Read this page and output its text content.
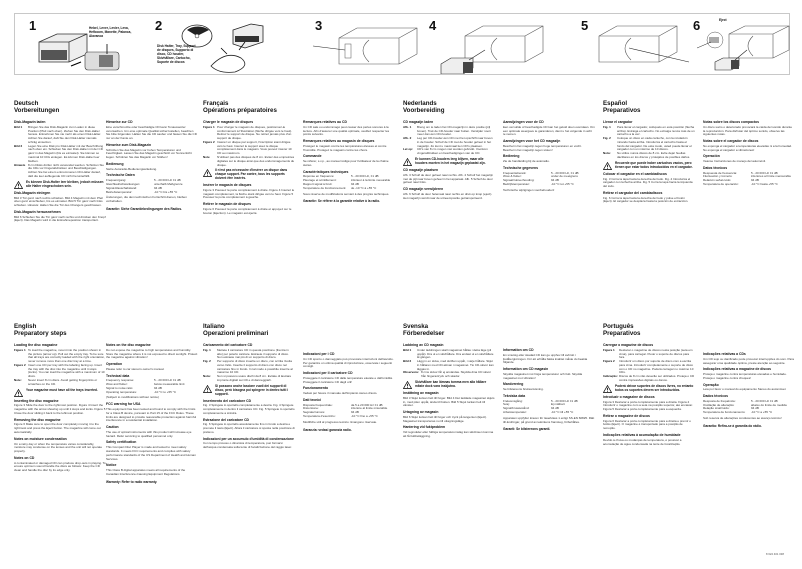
1	Hebel, Lever, Levier, Leva, Hefboom, Manette, Palanca, Alavanca
2
Disk Halter, Tray, Support de disques, Supporto di disco, CD houder, Skivhållare, Cartucho, Suporte de discos
3	4	5	6	Eject
Deutsch
Vorbereitungen
Disk-Magazin laden
Bild 1	Bringen Sie das Disk-Magazin zum Laden in diese Position (Pfeil nach oben). Ziehen Sie den Disk-Halter heraus. Entnehmen Sie nie mehr als einen Disk-Halter. Achten Sie darauf, daß Sie den Disk-Halter niemals schräg einsetzen.
Bild 2	Legen Sie eine Disk pro Disk-Halter mit der Beschriftung nach oben ein. Schieben Sie den Disk-Halter mit der CD ganz in das Magazin (bis es einrastet). Sie können so maximal 10 CDs einlegen. Es können Disk-Halter leer bleiben.
Hinweis 8 cm Disks dürfen nicht verwendet werden. Schützen Sie die CDs vor Fingerabdrücken und Beschädigungen. Achten Sie bei einem entnommenen CD-Halter darauf, daß die leer aufliegende CD nicht herunterfällt.
Es können Disk-Halter leer bleiben, jedoch müssen alle Halter eingeschoben sein.
Disk-Magazin einlegen
Bild 3 Tür ganz nach rechts schieben. Bild 4 Magazin mit dem Pfeil oben ganz einschieben, bis es einrastet. Bild 5 Tür ganz nach links schieben. Hinweis: Halten Sie die Tür des Changers geschlossen.
Disk-Magazin herausnehmen
Bild 6 Schieben Sie die Tür ganz nach rechts und drücken den Knopf (Eject). Das Magazin wird in die Entnahmeposition transportiert.
Hinweise zur CD
Eine verschmutzte oder beschädigte CD kann Tonaussetzer verursachen. Um eine optimale Qualität sicherzustellen, beachten Sie bitte folgendes: Halten Sie die CD sauber und fassen Sie die CD nur an der Kante an.
Hinweise zum Disk-Magazin
Schützen Sie das Magazin vor hohen Temperaturen und Feuchtigkeit. Lassen Sie das Magazin geschützt vor Sonnenlicht liegen. Schützen Sie das Magazin vor Stößen!
Bedienung
Siehe Autoradio-Bedienungsanleitung.
Technische Daten
Frequenzgang:	5 - 20 000 Hz ±1 dB
Gleichlaufschwankungen:	unterhalb Meßgrenze
Signal-Rauschabstand:	94 dB
Betriebstemperatur:	-10 °C bis +55 °C
Änderungen, die dem technischen Fortschritt dienen, bleiben vorbehalten.
Garantie: Siehe Garantiebedingungen des Radios.
Français
Opérations préparatoires
Charger le magasin de disques
Figure 1 Pour charger le magasin de disques, positionnez-le conformément à l'illustration (flèche dirigée vers le haut). Retirez le support de disque. Ne retirez jamais plus d'un support de disque.
Figure 2 Insérez un disque par support, l'inscription étant dirigée vers le haut. Insérez le support avec le disque complètement dans le magasin. Vous pouvez insérer 10 CD au maximum.
Note	N'utilisez pas des disques de 8 cm. Evitez des empreintes digitales sur le disque ainsi que des endommagements du disque.
Il n'est pas nécessaire d'insérer un disque dans chaque support. Par contre, tous les supports doivent être insérés.
Insérer le magasin de disques
Figure 3 Poussez la porte complètement à droite. Figure 4 Insérez le magasin complètement, la flèche étant dirigée vers le haut. Figure 5 Poussez la porte complètement à gauche.
Retirer le magasin de disques
Figure 6 Poussez la porte complètement à droite et appuyez sur le bouton (Ejection). Le magasin est éjecté.
Remarques relatives au CD
Un CD sale ou endommagé peut causer des pertes sonores à la lecture. Afin d'assurer une qualité optimale, veuillez respecter les points suivants.
Remarques relatives au magasin de disques
Protégez le magasin contre les températures élevées et contre l'humidité. Protégez le magasin contre les chocs.
Commande
Se référer, s.v.p., au manuel rédigé pour l'utilisateur de la chaîne stéréo.
Caractéristiques techniques
Réponse en fréquence:	5 - 20 000 Hz, ±1 dB
Pleurage et scintillement:	inférieur à la limite mesurable
Rapport signal à bruit:	94 dB
Température de fonctionnement:	de -10 °C à +55 °C
Sous réserve de modifications servant à des progrès techniques.
Garantie: Se référer à la garantie relative à la radio.
Nederlands
Voorbereiding
CD magazijn laden
Afb. 1	Breng om te laden het CD-magazijn in deze positie (pijl boven). Trek de CD-houder naar buiten. Verwijder nooit meer dan één CD-houder.
Afb. 2	Leg per CD-houder één CD met het opschrift naar boven in de houder. Schuif de CD met de houder geheel in het magazijn. Zo kunt u maximaal tien CD's plaatsen.
Let op:	CD's van 8 cm mogen niet worden gebruikt. Voorkom vingerafdrukken en beschadigingen van de CD.
Er kunnen CD-houders leeg blijven, maar alle houders moeten in het magazijn geplaatst zijn.
CD magazijn plaatsen
Afb. 3 Schuif de deur geheel naar rechts. Afb. 4 Schuif het magazijn met de pijl naar boven geheel in het apparaat. Afb. 5 Schuif de deur geheel naar links.
CD magazijn verwijderen
Afb. 6 Schuif de deur helemaal naar rechts en druk op knop (eject). Het magazijn wordt naar de uitneempositie getransporteerd.
Aanwijzingen voor de CD
Een vervuilde of beschadigde CD kan het geluid doen overslaan. Om een optimale weergave te garanderen, dient u het volgende in acht te nemen.
Aanwijzingen voor het CD magazijn
Bescherm het magazijn tegen hoge temperaturen en vocht. Bescherm het magazijn tegen stoten!
Bediening
Zie de handleiding bij de autoradio.
Technische gegevens
Frequentiebereik:	5 - 20 000 Hz, ±1 dB
Wow & flutter:	onder de meetgrens
Signaal/ruisverhouding:	94 dB
Bedrijfstemperatuur:	-10 °C tot +55 °C
Technische wijzigingen voorbehouden!
Español
Preparativos
Llenar el cargador
Fig. 1	Para llenar el cargador, colóquelo en esta posición (flecha arriba). Extraiga el cartucho. No extraiga nunca más de un cartucho a la vez.
Fig. 2	Coloque un disco en cada cartucho, con la rotulación mirando hacia arriba. Introduzca el cartucho hasta el fondo del cargador. De esta modo, usted puede llenar el cargador con un máximo de 10 discos.
Nota:	No utilice nunca discos de 8 cm. Evite dejar huellas dactilares en los discos y protéjalos de posibles daños.
Recuerde que puede haber cartuchos vacíos, pero tienen que estar todos introducidos en el cargador.
Colocar el cargador en el cambiadiscos
Fig. 3 Corra la tapa hacia la derecha del todo. Fig. 4 Introduzca el cargador con la flecha arriba. Fig. 5 Corra la tapa hacia la izquierda del todo.
Retirar el cargador del cambiadiscos
Fig. 6 Corra la tapa hacia la derecha del todo y pulse el botón (Eject). El cargador se desplaza hasta la posición de extracción.
Notas sobre los discos compactos
Un disco sucio o deteriorado provocará la caída del sonido durante la reproducción. Para disfrutar del óptimo sonido, observe las siguientes notas.
Notas sobre el cargador de discos
No exponga el cargador a temperaturas elevadas ni a la humedad. No exponga el cargador a vibraciones!
Operación
Véanse Instrucciones de manejo del automóvil.
Datos técnicos
Respuesta de frecuencia:	5 - 20 000 Hz ±1 dB
Fluctuación y trémolo:	inferiores al límite mensurable
Relación señal-ruido:	94 dB
Temperatura de operación:	-10 °C hasta +55 °C
English
Preparatory steps
Loading the disc magazine
Figure 1 To load the magazine, mount into the position shown in the picture (arrow up). Pull out the empty tray. To be sure that all trays are correctly loaded with the right orientation, never remove more than one disc tray at a time.
Figure 2 Insert one CD per tray with the labeling facing up. Insert the tray with the disc into the magazine until it stops (locks). You can load the magazine with a maximum of 10 discs.
Note:	Never insert 8 cm discs. Avoid getting fingerprints or scratches on the CD.
Your magazine must have all the trays inserted.
Inserting the disc magazine
Figure 3 Slide the door to the rightmost position. Figure 4 Insert the magazine with the arrow showing up until it stops and locks. Figure 5 Close the door sliding it back to the leftmost position.
Removing the disc magazine
Figure 6 Make sure to open the door completely moving it to the rightmost and press the Eject button. The magazine will come out automatically.
Notes on moisture condensation
On a rainy day or when the temperature varies considerably, moisture may condense on the lenses and the unit will not operate properly.
Notes on CD
A contaminated or damaged CD can produce drop-outs in playing. To ensure optimum sound handle the discs as follows: Keep the CD clean and handle the disc by its edge only.
Notes on the disc magazine
Do not expose the magazine to high temperatures and humidity. Store the magazine where it is not exposed to direct sunlight. Protect the magazine against vibration!
Operation
Please refer to car stereo's owner's manual.
Technical data
Frequency response:	5 - 20 000 Hz ±1 dB
Wow and flutter:	below measurable limit
Signal to noise ratio:	94 dB
Operating temperature:	-10 °C to +55 °C
(Subject to modifications without notice)
FCC warning for USA
This equipment has been tested and found to comply with the limits for a Class B device, pursuant to Part 15 of the FCC Rules. These limits are designed to provide reasonable protection against harmful interference in a residential installation.
Caution
The use of optical instruments with this product will increase eye hazard. Refer servicing to qualified personnel only.
Safety certification
This Compact Disc Player is made and tested to meet safety standards. It meets FCC requirements and complies with safety performance standards of the US Department of Health and Human Services.
Notice
This Class B digital apparatus meets all requirements of the Canadian Interference-Causing Equipment Regulations.
Warranty: Refer to radio warranty.
Italiano
Operazioni preliminari
Caricamento del caricatore CD
Fig. 1	Mettete il caricatore CD in questa posizione (freccia in alto) per poterlo caricare. Estraete il supporto di disco. Non estraete mai più di un supporto di disco.
Fig. 2	Per supporto di disco inserite un disco, con scritta rivolta verso l'alto. Inserite il supporto di disco con disco nel caricatore fino in fondo. In tal modo è possibile inserire al massimo 10 CD.
Nota:	Non si possono usare dischi da 8 cm. Evitate di lasciare impronte digitali sui CD e di danneggiarli.
Si possono anche lasciare vuoti dei supporti di disco, però bisogna poi spingere in dentro tutti i supporti.
Inserimento del caricatore CD
Fig. 3 Spingete lo sportello completamente a destra. Fig. 4 Spingete completamente in dentro il caricatore CD. Fig. 5 Spingete lo sportello completamente a sinistra.
Estrazione del caricatore CD
Fig. 6 Spingete lo sportello assolutamente fino in fondo a destra e premete il tasto (Eject). Allora il caricatore si sposta nella posizione di prelievo.
Indicazioni per un accumulo d'umidità di condensazione
Con tempo piovoso o dinamica di temperatura, può formarsi dell'acqua condensata sulla lente di focalizzazione del raggio laser.
Indicazioni per i CD
Un CD sporco o danneggiato può provocare interruzioni dell'ascolto. Per garantire un ottima qualità di riproduzione, osservate i seguenti consigli.
Indicazioni per il caricatore CD
Proteggete il caricatore CD dalle temperature elevate e dall'umidità. Proteggete il caricatore CD dagli urti!
Funzionamento
Vedasi per favore il manuale dell'impianto stereo d'auto.
Dati tecnici
Risposta frequenziale:	da 5 a 20 000 Hz ±1 dB
Distorsione:	inferiore al limite misurabile
Segnale/rumore:	94 dB
Temperatura d'esercizio:	-10 °C fino a +55 °C
Modifiche utili al progresso tecnico rimangono riservate.
Garanzia: vedasi garanzia radio.
Svenska
Förberedelser
Laddning av CD magasin
Bild 1	Under laddningen skall magasinet hållas i detta läge (pil uppåt). Dra ut en skivhållare. Dra endast ut en skivhållare åt gången.
Bild 2	Lägg in en skiva, med skriften uppåt, i varje hållare. Skjut in hållaren med CD-skivan i magasinet. Tio CD-skivor kan läggas in.
Observera: 8 cms skivor får ej användas. Skydda dina CD skivor från fingeravtryck och skador.
Skivhållare kan lämnas tomma men alla hållare måste dock vara inskjutna.
Insättning av magasin
Bild 3 Skjut luckan helt till höger. Bild 4 Det laddade magasinet skjuts in, med pilen uppåt, ända till botten. Bild 5 Skjut luckan helt till vänster.
Urtagning av magasin
Bild 6 Skjut luckan helt till höger och tryck på tangenten (Eject). Magasinet transporteras nu till uttagningsläge.
Hantering vid fuktproblem
Vid regnväder eller häftiga temperaturomslag kan skivlinsen komma att få fuktbeläggning.
Information om CD
En smutsig eller skadad CD kan ge upphov till avbrott i ljudåtergivningen. För att erhålla bästa kvalitet måste du beakta följande.
Information om CD magasin
Skydda magasinet mot höga temperaturer och fukt. Skydda magasinet mot vibration!
Manövrering
Se bilstereons bruksanvisning.
Tekniska data
Frekvensgång:	5 - 20 000 Hz ±1 dB
Svaj:	Ej mätbart
Signal/brusavstånd:	94 dB
Arbetstemperatur:	-10 °C till +55 °C
Apparaten uppfyller kraven för laserklass 1 enligt SS-EN 60825. Rätt till ändringar, på grund av teknikens framsteg, förbehålles.
Garanti: Se bilstereons garanti.
Português
Preparativos
Carregar o magazine de discos
Figura 1	Deslocar o magazine de discos nesta posição (seta em cima), para carregar. Puxar o suporte de discos para fora.
Figura 2	Introduzir um disco por suporte de disco com a escrita para cima. Introduzir completamente o suporte de disco com o CD no magazine. Poderá carregar no máximo 10 CDs.
Indicação: Discos de 8 cm não deverão ser utilizados. Proteja o CD contra impressões digitais ou danos.
Poderá deixar suportes de discos livres, no entanto todos os suportes devem ser introduzidos.
Introduzir o magazine de discos
Figura 3 Deslocar a porta completamente para a direita. Figura 4 Introduzir o magazine com a seta na posição superior, até encaixar. Figura 5 Deslocar a porta completamente para a esquerda.
Retirar o magazine de discos
Figura 6 Deslocar a porta completamente para a direita e premir o botão (Eject). O magazine é transportado para a posição de remoção.
Indicações relativas à acumulação de humidade
Devido à chuva ou mudanças de temperatura, é possível a acumulação de água condensada na lente de focalização.
Indicações relativas a CDs
Um CD sujo ou danificado pode provocar interrupções do som. Para assegurar uma qualidade óptima, preste atenção ao seguinte.
Indicações relativas a magazine de discos
Proteja o magazine contra temperaturas elevadas e humidade. Proteja o magazine contra choques!
Operação
Leia por favor o manual do equipamento Stereo do automóvel.
Dados técnicos
Resposta de frequência:	5 - 20 000 Hz ±1 dB
Oscilação de alteração:	abaixo do limite de medida
Relação sinal/ruído:	94 dB
Temperatura de funcionamento:	-10 °C a +55 °C
Sob reserva de alterações conducentes ao avanço técnico!
Garantia: Refira-se à garantia do rádio.
8 622 401 038
